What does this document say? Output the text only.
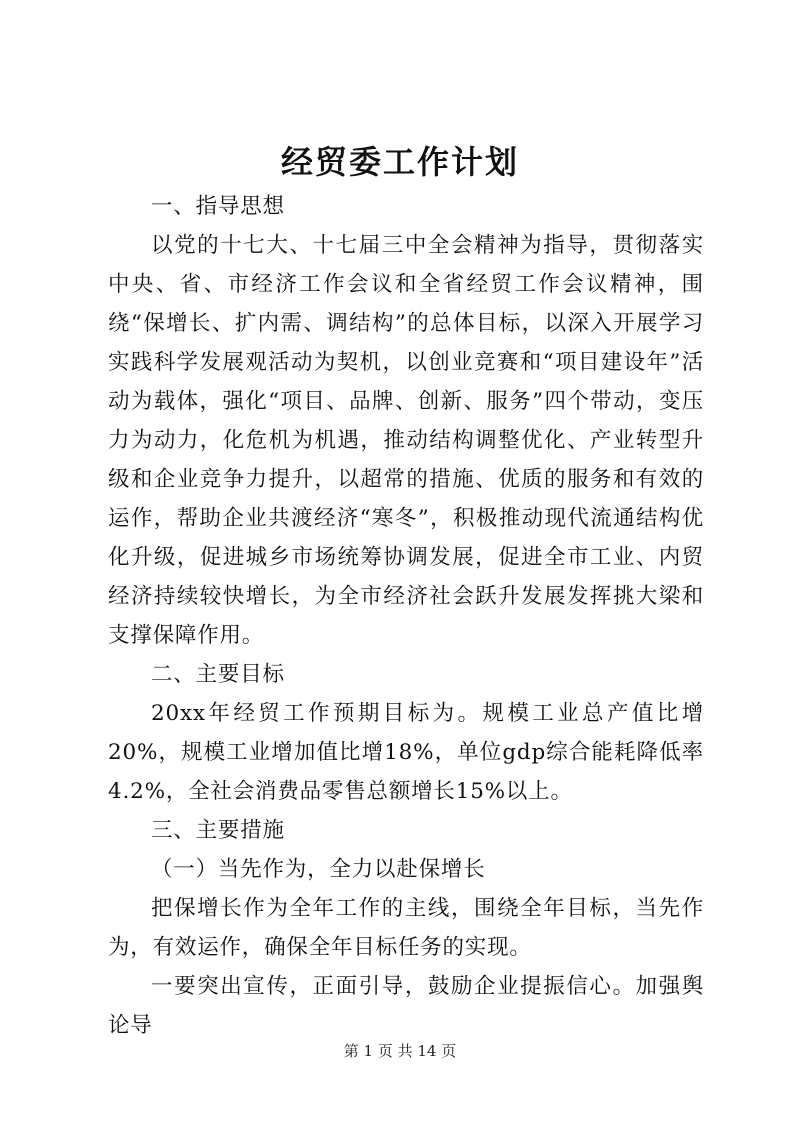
经贸委工作计划

一、指导思想

以党的十七大、十七届三中全会精神为指导，贯彻落实中央、省、市经济工作会议和全省经贸工作会议精神，围绕“保增长、扩内需、调结构”的总体目标，以深入开展学习实践科学发展观活动为契机，以创业竞赛和“项目建设年”活动为载体，强化“项目、品牌、创新、服务”四个带动，变压力为动力，化危机为机遇，推动结构调整优化、产业转型升级和企业竞争力提升，以超常的措施、优质的服务和有效的运作，帮助企业共渡经济“寒冬”，积极推动现代流通结构优化升级，促进城乡市场统筹协调发展，促进全市工业、内贸经济持续较快增长，为全市经济社会跃升发展发挥挑大梁和支撑保障作用。

二、主要目标

20xx年经贸工作预期目标为。规模工业总产值比增20%，规模工业增加值比增18%，单位gdp综合能耗降低率4.2%，全社会消费品零售总额增长15%以上。

三、主要措施

（一）当先作为，全力以赴保增长

把保增长作为全年工作的主线，围绕全年目标，当先作为，有效运作，确保全年目标任务的实现。

一要突出宣传，正面引导，鼓励企业提振信心。加强舆论导

第 1 页 共 14 页
